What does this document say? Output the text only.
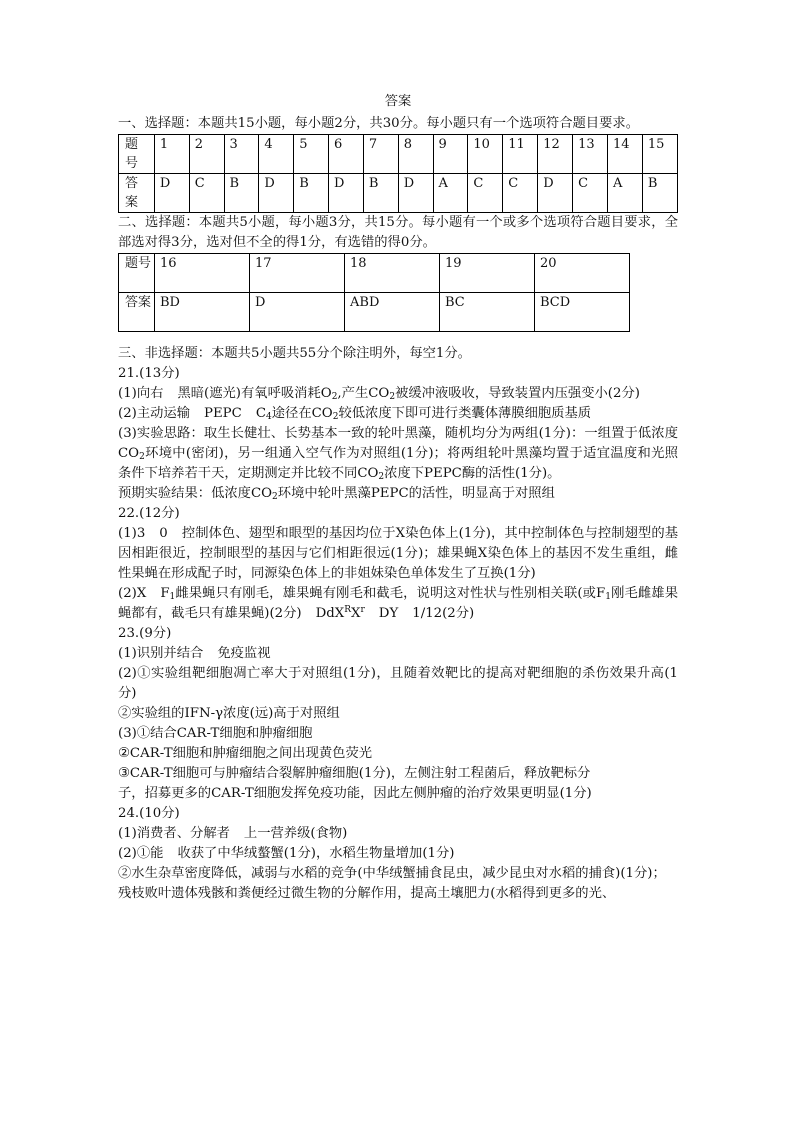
答案

一、选择题：本题共15小题，每小题2分，共30分。每小题只有一个选项符合题目要求。

题号	1	2	3	4	5	6	7	8	9	10	11	12	13	14	15
答案	D	C	B	D	B	D	B	D	A	C	C	D	C	A	B

二、选择题：本题共5小题，每小题3分，共15分。每小题有一个或多个选项符合题目要求，全部选对得3分，选对但不全的得1分，有选错的得0分。

题号	16	17	18	19	20
答案	BD	D	ABD	BC	BCD

三、非选择题：本题共5小题共55分个除注明外，每空1分。

21.(13分)

(1)向右 黑暗(遮光)有氧呼吸消耗$O_2$,产生$CO_2$被缓冲液吸收，导致装置内压强变小(2分)

(2)主动运输 PEPC $C_4$途径在$CO_2$较低浓度下即可进行类囊体薄膜细胞质基质

(3)实验思路：取生长健壮、长势基本一致的轮叶黑藻，随机均分为两组(1分)：一组置于低浓度$CO_2$环境中(密闭)，另一组通入空气作为对照组(1分)；将两组轮叶黑藻均置于适宜温度和光照条件下培养若干天，定期测定并比较不同$CO_2$浓度下PEPC酶的活性(1分)。

预期实验结果：低浓度$CO_2$环境中轮叶黑藻PEPC的活性，明显高于对照组

22.(12分)

(1)3 0 控制体色、翅型和眼型的基因均位于X染色体上(1分)，其中控制体色与控制翅型的基因相距很近，控制眼型的基因与它们相距很远(1分)；雄果蝇X染色体上的基因不发生重组，雌性果蝇在形成配子时，同源染色体上的非姐妹染色单体发生了互换(1分)

(2)X $F_1$雌果蝇只有刚毛，雄果蝇有刚毛和截毛，说明这对性状与性别相关联(或$F_1$刚毛雌雄果蝇都有，截毛只有雄果蝇)(2分) $DdX^RX^r$ DY 1/12(2分)

23.(9分)

(1)识别并结合 免疫监视

(2)①实验组靶细胞凋亡率大于对照组(1分)，且随着效靶比的提高对靶细胞的杀伤效果升高(1分)

②实验组的IFN-γ浓度(远)高于对照组

(3)①结合CAR-T细胞和肿瘤细胞

②CAR-T细胞和肿瘤细胞之间出现黄色荧光

③CAR-T细胞可与肿瘤结合裂解肿瘤细胞(1分)，左侧注射工程菌后，释放靶标分

子，招募更多的CAR-T细胞发挥免疫功能，因此左侧肿瘤的治疗效果更明显(1分)

24.(10分)

(1)消费者、分解者 上一营养级(食物)

(2)①能 收获了中华绒螯蟹(1分)，水稻生物量增加(1分)

②水生杂草密度降低，减弱与水稻的竞争(中华绒蟹捕食昆虫，减少昆虫对水稻的捕食)(1分)；

残枝败叶遗体残骸和粪便经过微生物的分解作用，提高土壤肥力(水稻得到更多的光、
